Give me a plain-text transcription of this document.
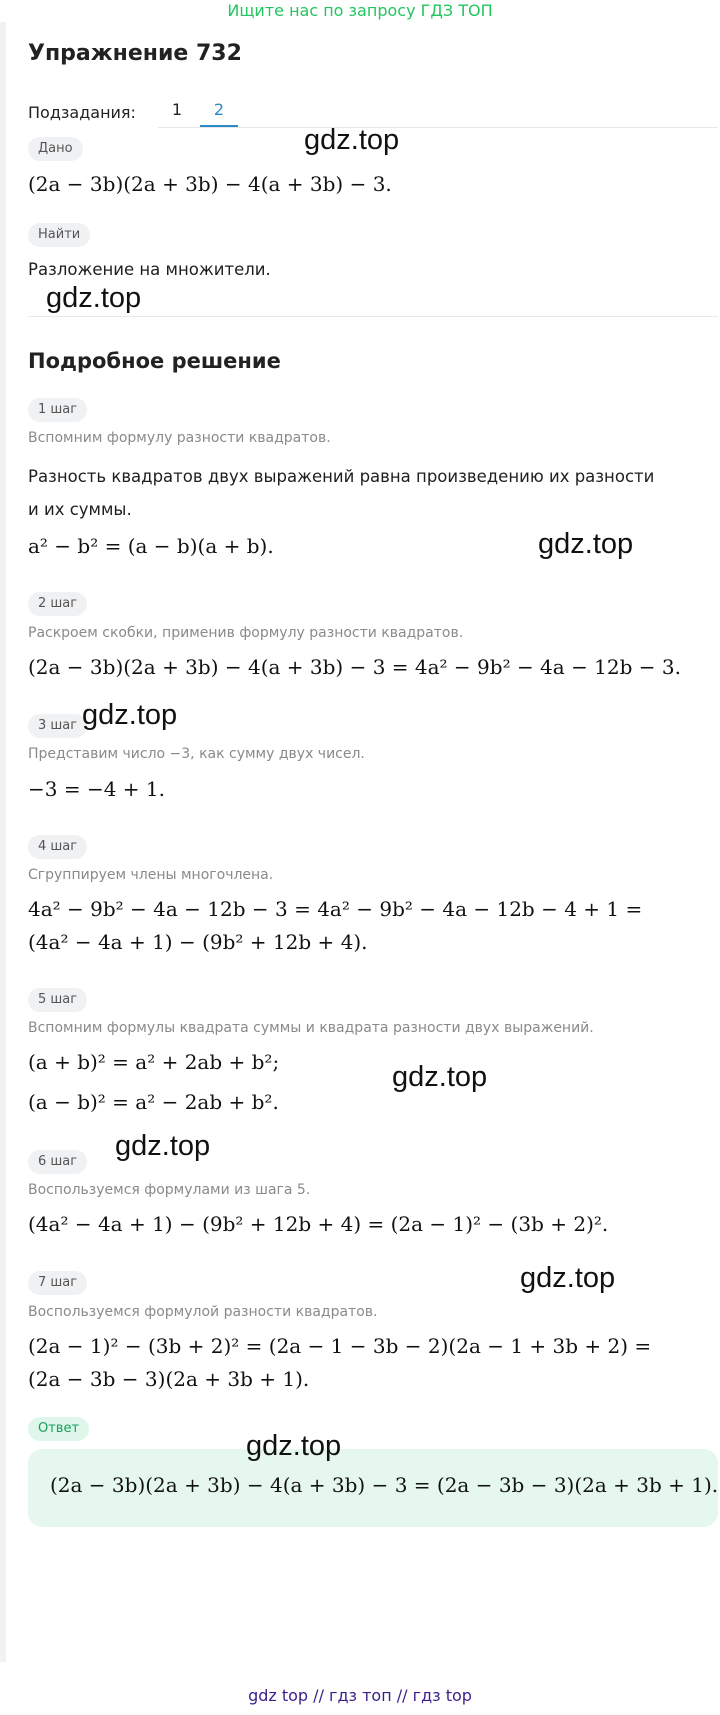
Ищите нас по запросу ГДЗ ТОП
Упражнение 732
Подзадания:	1	2
Дано
(2a − 3b)(2a + 3b) − 4(a + 3b) − 3.
Найти
Разложение на множители.
Подробное решение
1 шаг
Вспомним формулу разности квадратов.
Разность квадратов двух выражений равна произведению их разности и их суммы.
a² − b² = (a − b)(a + b).
2 шаг
Раскроем скобки, применив формулу разности квадратов.
(2a − 3b)(2a + 3b) − 4(a + 3b) − 3 = 4a² − 9b² − 4a − 12b − 3.
3 шаг
Представим число −3, как сумму двух чисел.
−3 = −4 + 1.
4 шаг
Сгруппируем члены многочлена.
4a² − 9b² − 4a − 12b − 3 = 4a² − 9b² − 4a − 12b − 4 + 1 =
(4a² − 4a + 1) − (9b² + 12b + 4).
5 шаг
Вспомним формулы квадрата суммы и квадрата разности двух выражений.
(a + b)² = a² + 2ab + b²;
(a − b)² = a² − 2ab + b².
6 шаг
Воспользуемся формулами из шага 5.
(4a² − 4a + 1) − (9b² + 12b + 4) = (2a − 1)² − (3b + 2)².
7 шаг
Воспользуемся формулой разности квадратов.
(2a − 1)² − (3b + 2)² = (2a − 1 − 3b − 2)(2a − 1 + 3b + 2) =
(2a − 3b − 3)(2a + 3b + 1).
Ответ
(2a − 3b)(2a + 3b) − 4(a + 3b) − 3 = (2a − 3b − 3)(2a + 3b + 1).
gdz.top
gdz.top
gdz.top
gdz.top
gdz.top
gdz.top
gdz.top
gdz.top
gdz top // гдз топ // гдз top
